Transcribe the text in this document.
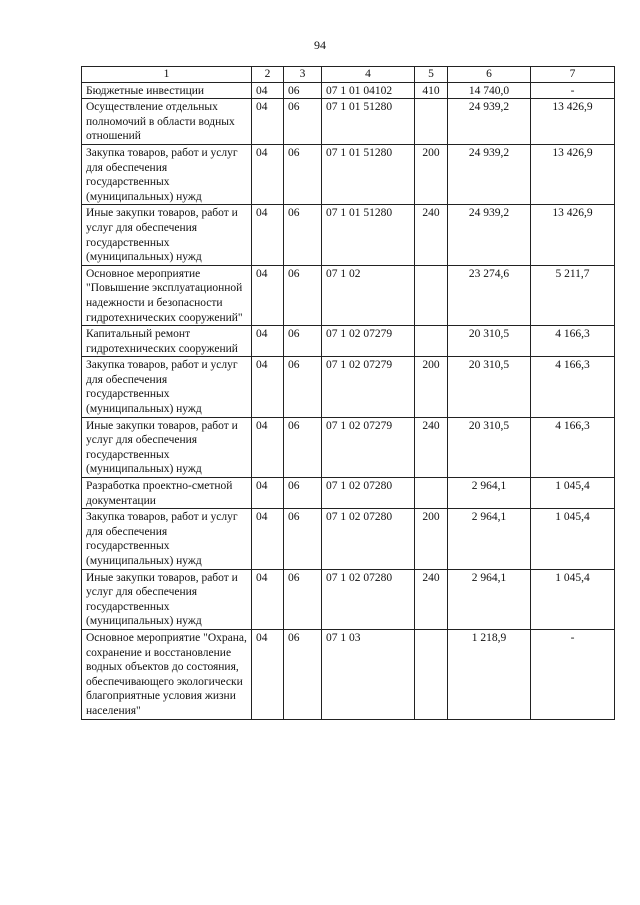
94
1	2	3	4	5	6	7
Бюджетные инвестиции	04	06	07 1 01 04102	410	14 740,0	-
Осуществление отдельных полномочий в области водных отношений	04	06	07 1 01 51280		24 939,2	13 426,9
Закупка товаров, работ и услуг для обеспечения государственных (муниципальных) нужд	04	06	07 1 01 51280	200	24 939,2	13 426,9
Иные закупки товаров, работ и услуг для обеспечения государственных (муниципальных) нужд	04	06	07 1 01 51280	240	24 939,2	13 426,9
Основное мероприятие "Повышение эксплуатационной надежности и безопасности гидротехнических сооружений"	04	06	07 1 02		23 274,6	5 211,7
Капитальный ремонт гидротехнических сооружений	04	06	07 1 02 07279		20 310,5	4 166,3
Закупка товаров, работ и услуг для обеспечения государственных (муниципальных) нужд	04	06	07 1 02 07279	200	20 310,5	4 166,3
Иные закупки товаров, работ и услуг для обеспечения государственных (муниципальных) нужд	04	06	07 1 02 07279	240	20 310,5	4 166,3
Разработка проектно-сметной документации	04	06	07 1 02 07280		2 964,1	1 045,4
Закупка товаров, работ и услуг для обеспечения государственных (муниципальных) нужд	04	06	07 1 02 07280	200	2 964,1	1 045,4
Иные закупки товаров, работ и услуг для обеспечения государственных (муниципальных) нужд	04	06	07 1 02 07280	240	2 964,1	1 045,4
Основное мероприятие "Охрана, сохранение и восстановление водных объектов до состояния, обеспечивающего экологически благоприятные условия жизни населения"	04	06	07 1 03		1 218,9	-
